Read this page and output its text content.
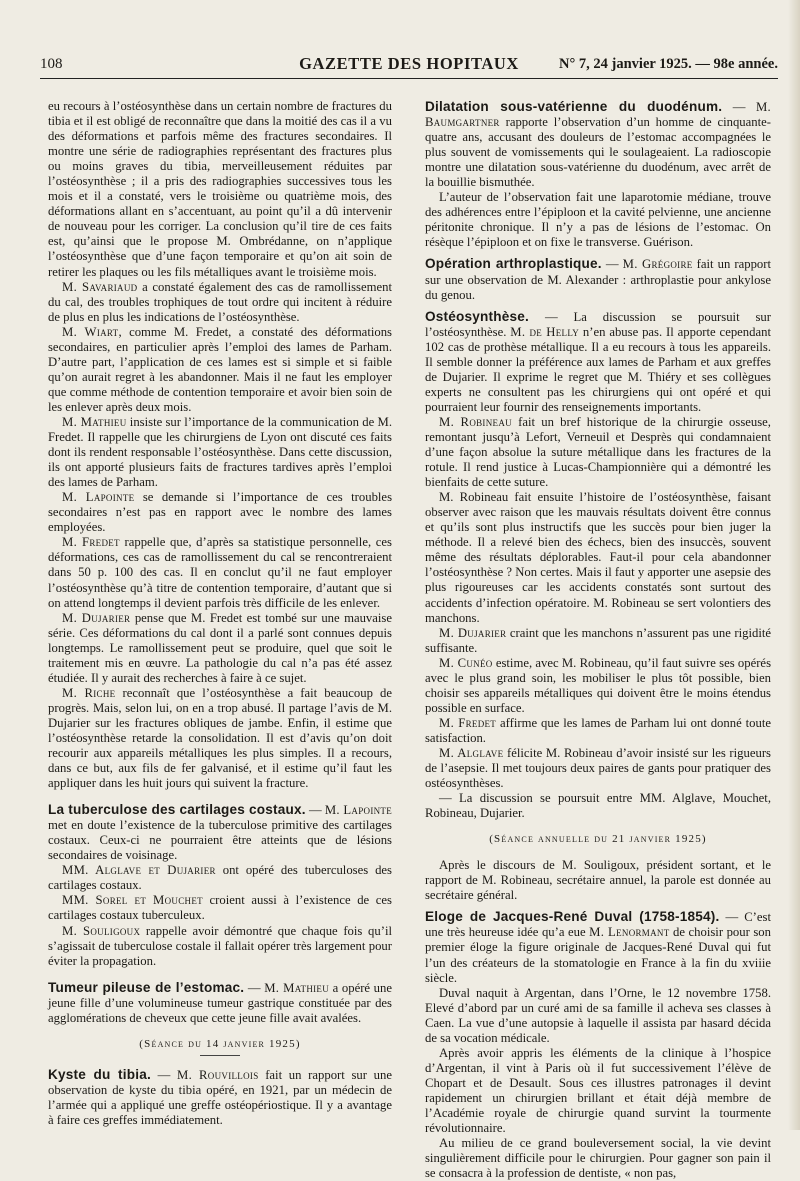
108	GAZETTE DES HOPITAUX	N° 7, 24 janvier 1925. — 98e année.

eu recours à l’ostéosynthèse dans un certain nombre de fractures du tibia et il est obligé de reconnaître que dans la moitié des cas il a vu des déformations et parfois même des fractures secondaires. Il montre une série de radiographies représentant des fractures plus ou moins graves du tibia, merveilleusement réduites par l’ostéosynthèse ; il a pris des radiographies successives tous les mois et il a constaté, vers le troisième ou quatrième mois, des déformations allant en s’accentuant, au point qu’il a dû intervenir de nouveau pour les corriger. La conclusion qu’il tire de ces faits est, qu’ainsi que le propose M. Ombrédanne, on n’applique l’ostéosynthèse que d’une façon temporaire et qu’on ait soin de retirer les plaques ou les fils métalliques avant le troisième mois.

M. Savariaud a constaté également des cas de ramollissement du cal, des troubles trophiques de tout ordre qui incitent à réduire de plus en plus les indications de l’ostéosynthèse.

M. Wiart, comme M. Fredet, a constaté des déformations secondaires, en particulier après l’emploi des lames de Parham. D’autre part, l’application de ces lames est si simple et si faible qu’on aurait regret à les abandonner. Mais il ne faut les employer que comme méthode de contention temporaire et avoir bien soin de les enlever après deux mois.

M. Mathieu insiste sur l’importance de la communication de M. Fredet. Il rappelle que les chirurgiens de Lyon ont discuté ces faits dont ils rendent responsable l’ostéosynthèse. Dans cette discussion, ils ont apporté plusieurs faits de fractures tardives après l’emploi des lames de Parham.

M. Lapointe se demande si l’importance de ces troubles secondaires n’est pas en rapport avec le nombre des lames employées.

M. Fredet rappelle que, d’après sa statistique personnelle, ces déformations, ces cas de ramollissement du cal se rencontreraient dans 50 p. 100 des cas. Il en conclut qu’il ne faut employer l’ostéosynthèse qu’à titre de contention temporaire, d’autant que si on attend longtemps il devient parfois très difficile de les enlever.

M. Dujarier pense que M. Fredet est tombé sur une mauvaise série. Ces déformations du cal dont il a parlé sont connues depuis longtemps. Le ramollissement peut se produire, quel que soit le traitement mis en œuvre. La pathologie du cal n’a pas été assez étudiée. Il y aurait des recherches à faire à ce sujet.

M. Riche reconnaît que l’ostéosynthèse a fait beaucoup de progrès. Mais, selon lui, on en a trop abusé. Il partage l’avis de M. Dujarier sur les fractures obliques de jambe. Enfin, il estime que l’ostéosynthèse retarde la consolidation. Il est d’avis qu’on doit recourir aux appareils métalliques les plus simples. Il a recours, dans ce but, aux fils de fer galvanisé, et il estime qu’il faut les appliquer dans les huit jours qui suivent la fracture.

La tuberculose des cartilages costaux. — M. Lapointe met en doute l’existence de la tuberculose primitive des cartilages costaux. Ceux-ci ne pourraient être atteints que de lésions secondaires de voisinage.

MM. Alglave et Dujarier ont opéré des tuberculoses des cartilages costaux.

MM. Sorel et Mouchet croient aussi à l’existence de ces cartilages costaux tuberculeux.

M. Souligoux rappelle avoir démontré que chaque fois qu’il s’agissait de tuberculose costale il fallait opérer très largement pour éviter la propagation.

Tumeur pileuse de l’estomac. — M. Mathieu a opéré une jeune fille d’une volumineuse tumeur gastrique constituée par des agglomérations de cheveux que cette jeune fille avait avalées.

(Séance du 14 janvier 1925)

Kyste du tibia. — M. Rouvillois fait un rapport sur une observation de kyste du tibia opéré, en 1921, par un médecin de l’armée qui a appliqué une greffe ostéopériostique. Il y a avantage à faire ces greffes immédiatement.

Dilatation sous-vatérienne du duodénum. — M. Baumgartner rapporte l’observation d’un homme de cinquante-quatre ans, accusant des douleurs de l’estomac accompagnées le plus souvent de vomissements qui le soulageaient. La radioscopie montre une dilatation sous-vatérienne du duodénum, avec arrêt de la bouillie bismuthée.

L’auteur de l’observation fait une laparotomie médiane, trouve des adhérences entre l’épiploon et la cavité pelvienne, une ancienne péritonite chronique. Il n’y a pas de lésions de l’estomac. On résèque l’épiploon et on fixe le transverse. Guérison.

Opération arthroplastique. — M. Grégoire fait un rapport sur une observation de M. Alexander : arthroplastie pour ankylose du genou.

Ostéosynthèse. — La discussion se poursuit sur l’ostéosynthèse. M. de Helly n’en abuse pas. Il apporte cependant 102 cas de prothèse métallique. Il a eu recours à tous les appareils. Il semble donner la préférence aux lames de Parham et aux greffes de Dujarier. Il exprime le regret que M. Thiéry et ses collègues experts ne consultent pas les chirurgiens qui ont opéré et qui pourraient leur fournir des renseignements importants.

M. Robineau fait un bref historique de la chirurgie osseuse, remontant jusqu’à Lefort, Verneuil et Desprès qui condamnaient d’une façon absolue la suture métallique dans les fractures de la rotule. Il rend justice à Lucas-Championnière qui a démontré les bienfaits de cette suture.

M. Robineau fait ensuite l’histoire de l’ostéosynthèse, faisant observer avec raison que les mauvais résultats doivent être connus et qu’ils sont plus instructifs que les succès pour bien juger la méthode. Il a relevé bien des échecs, bien des insuccès, souvent même des résultats déplorables. Faut-il pour cela abandonner l’ostéosynthèse ? Non certes. Mais il faut y apporter une asepsie des plus rigoureuses car les accidents constatés sont surtout des accidents d’infection opératoire. M. Robineau se sert volontiers des manchons.

M. Dujarier craint que les manchons n’assurent pas une rigidité suffisante.

M. Cunéo estime, avec M. Robineau, qu’il faut suivre ses opérés avec le plus grand soin, les mobiliser le plus tôt possible, bien choisir ses appareils métalliques qui doivent être le moins étendus possible en surface.

M. Fredet affirme que les lames de Parham lui ont donné toute satisfaction.

M. Alglave félicite M. Robineau d’avoir insisté sur les rigueurs de l’asepsie. Il met toujours deux paires de gants pour pratiquer des ostéosynthèses.

— La discussion se poursuit entre MM. Alglave, Mouchet, Robineau, Dujarier.

(Séance annuelle du 21 janvier 1925)

Après le discours de M. Souligoux, président sortant, et le rapport de M. Robineau, secrétaire annuel, la parole est donnée au secrétaire général.

Eloge de Jacques-René Duval (1758-1854). — C’est une très heureuse idée qu’a eue M. Lenormant de choisir pour son premier éloge la figure originale de Jacques-René Duval qui fut l’un des créateurs de la stomatologie en France à la fin du xviiie siècle.

Duval naquit à Argentan, dans l’Orne, le 12 novembre 1758. Elevé d’abord par un curé ami de sa famille il acheva ses classes à Caen. La vue d’une autopsie à laquelle il assista par hasard décida de sa vocation médicale.

Après avoir appris les éléments de la clinique à l’hospice d’Argentan, il vint à Paris où il fut successivement l’élève de Chopart et de Desault. Sous ces illustres patronages il devint rapidement un chirurgien brillant et était déjà membre de l’Académie royale de chirurgie quand survint la tourmente révolutionnaire.

Au milieu de ce grand bouleversement social, la vie devint singulièrement difficile pour le chirurgien. Pour gagner son pain il se consacra à la profession de dentiste, « non pas,
